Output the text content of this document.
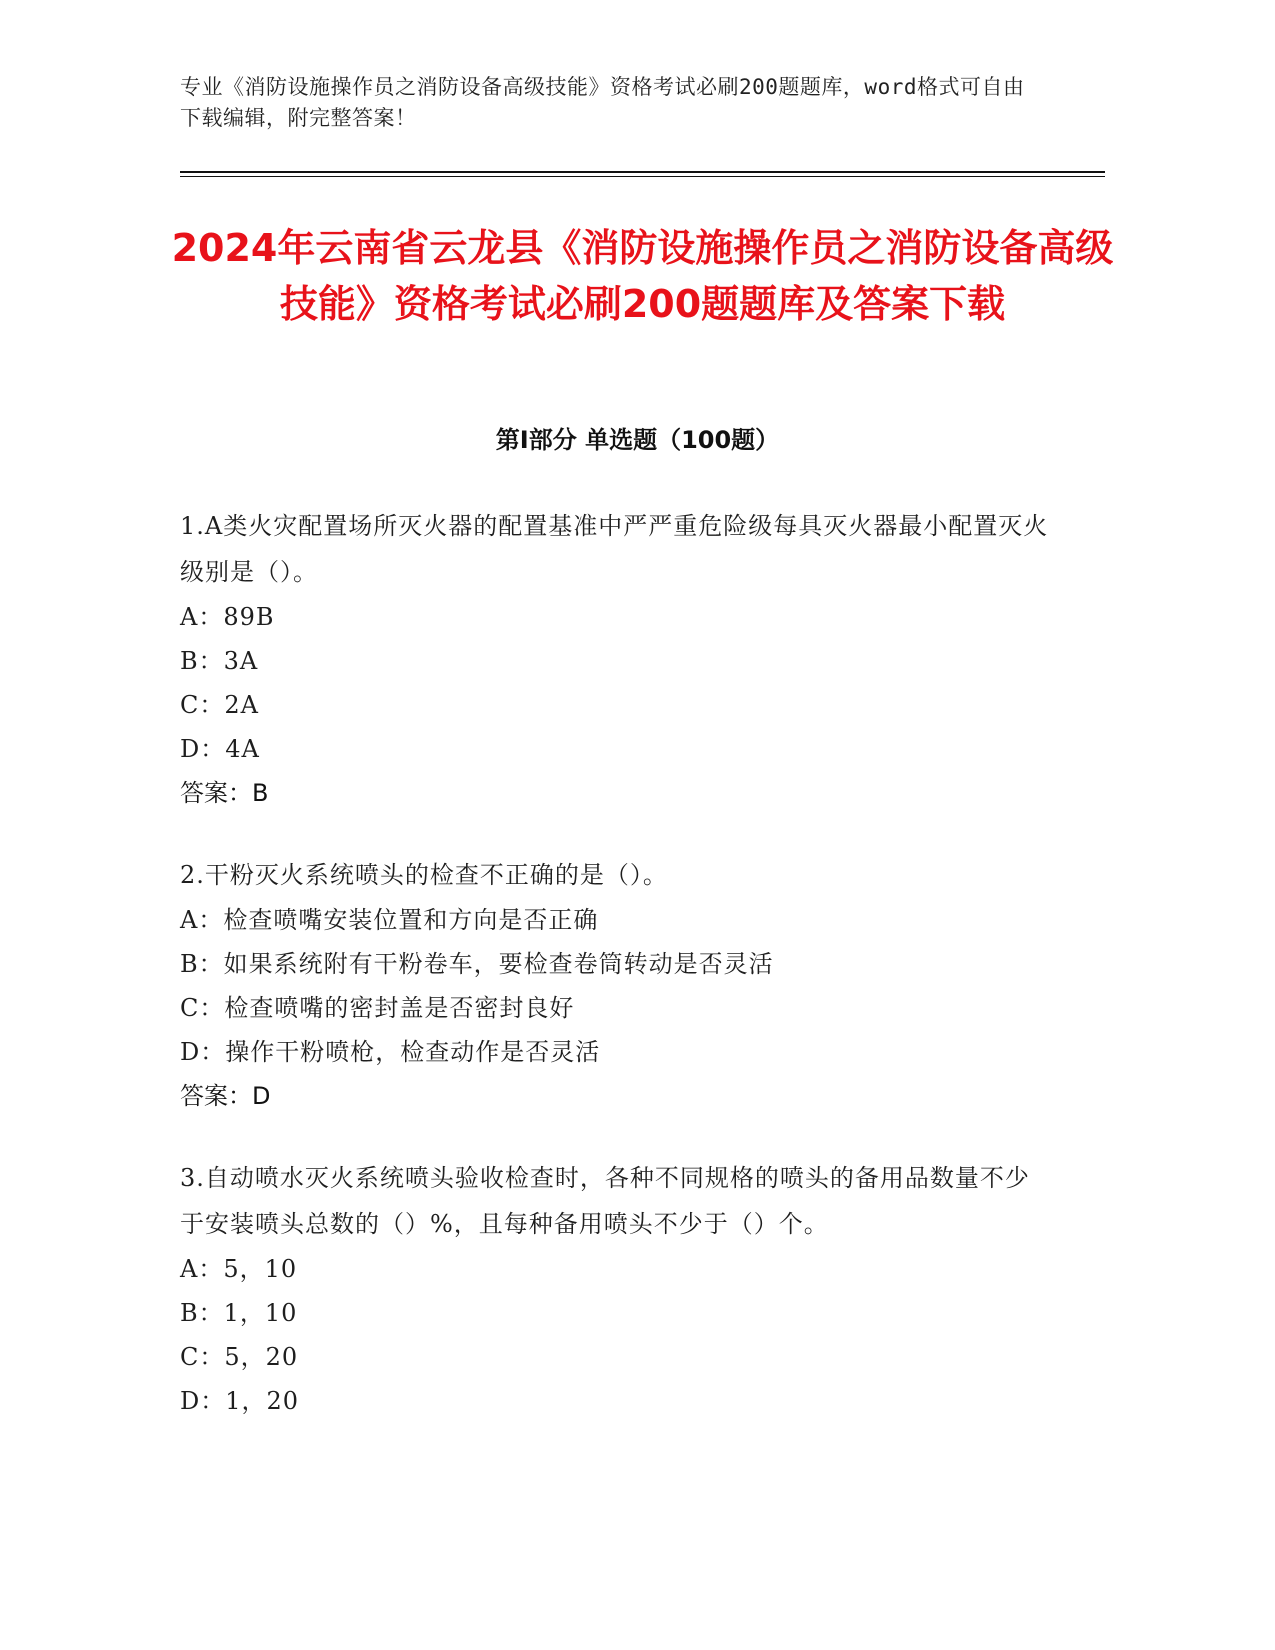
专业《消防设施操作员之消防设备高级技能》资格考试必刷200题题库，word格式可自由下载编辑，附完整答案！
2024年云南省云龙县《消防设施操作员之消防设备高级技能》资格考试必刷200题题库及答案下载
第I部分 单选题（100题）
1.A类火灾配置场所灭火器的配置基准中严严重危险级每具灭火器最小配置灭火级别是（）。
A：89B
B：3A
C：2A
D：4A
答案：B
2.干粉灭火系统喷头的检查不正确的是（）。
A：检查喷嘴安装位置和方向是否正确
B：如果系统附有干粉卷车，要检查卷筒转动是否灵活
C：检查喷嘴的密封盖是否密封良好
D：操作干粉喷枪，检查动作是否灵活
答案：D
3.自动喷水灭火系统喷头验收检查时，各种不同规格的喷头的备用品数量不少于安装喷头总数的（）%，且每种备用喷头不少于（）个。
A：5，10
B：1，10
C：5，20
D：1，20
